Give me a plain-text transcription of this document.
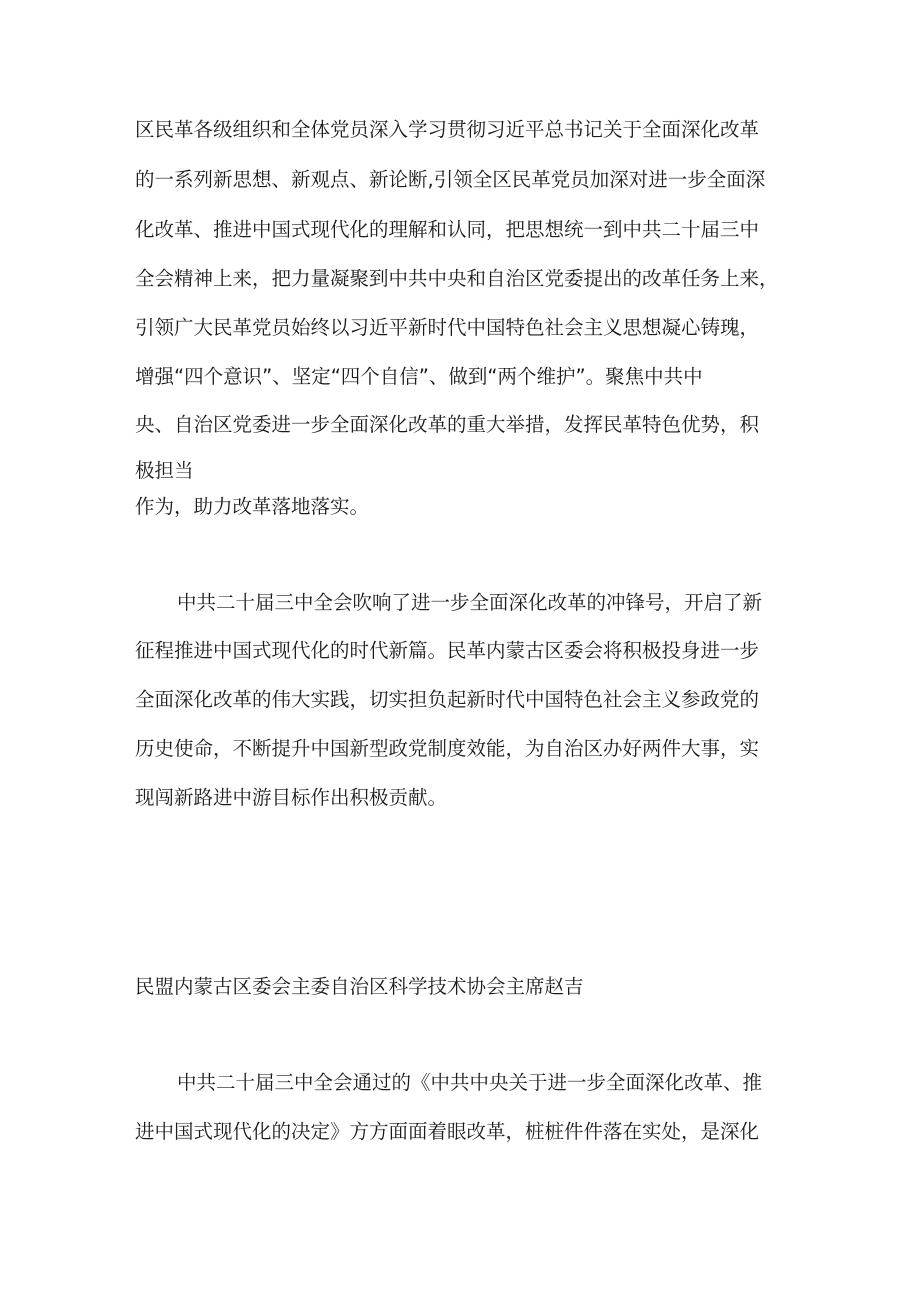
区民革各级组织和全体党员深入学习贯彻习近平总书记关于全面深化改革
的一系列新思想、新观点、新论断,引领全区民革党员加深对进一步全面深
化改革、推进中国式现代化的理解和认同，把思想统一到中共二十届三中
全会精神上来，把力量凝聚到中共中央和自治区党委提出的改革任务上来，
引领广大民革党员始终以习近平新时代中国特色社会主义思想凝心铸瑰，
增强“四个意识”、坚定“四个自信”、做到“两个维护”。聚焦中共中
央、自治区党委进一步全面深化改革的重大举措，发挥民革特色优势，积
极担当
作为，助力改革落地落实。
中共二十届三中全会吹响了进一步全面深化改革的冲锋号，开启了新
征程推进中国式现代化的时代新篇。民革内蒙古区委会将积极投身进一步
全面深化改革的伟大实践，切实担负起新时代中国特色社会主义参政党的
历史使命，不断提升中国新型政党制度效能，为自治区办好两件大事，实
现闯新路进中游目标作出积极贡献。
民盟内蒙古区委会主委自治区科学技术协会主席赵吉
中共二十届三中全会通过的《中共中央关于进一步全面深化改革、推
进中国式现代化的决定》方方面面着眼改革，桩桩件件落在实处，是深化
